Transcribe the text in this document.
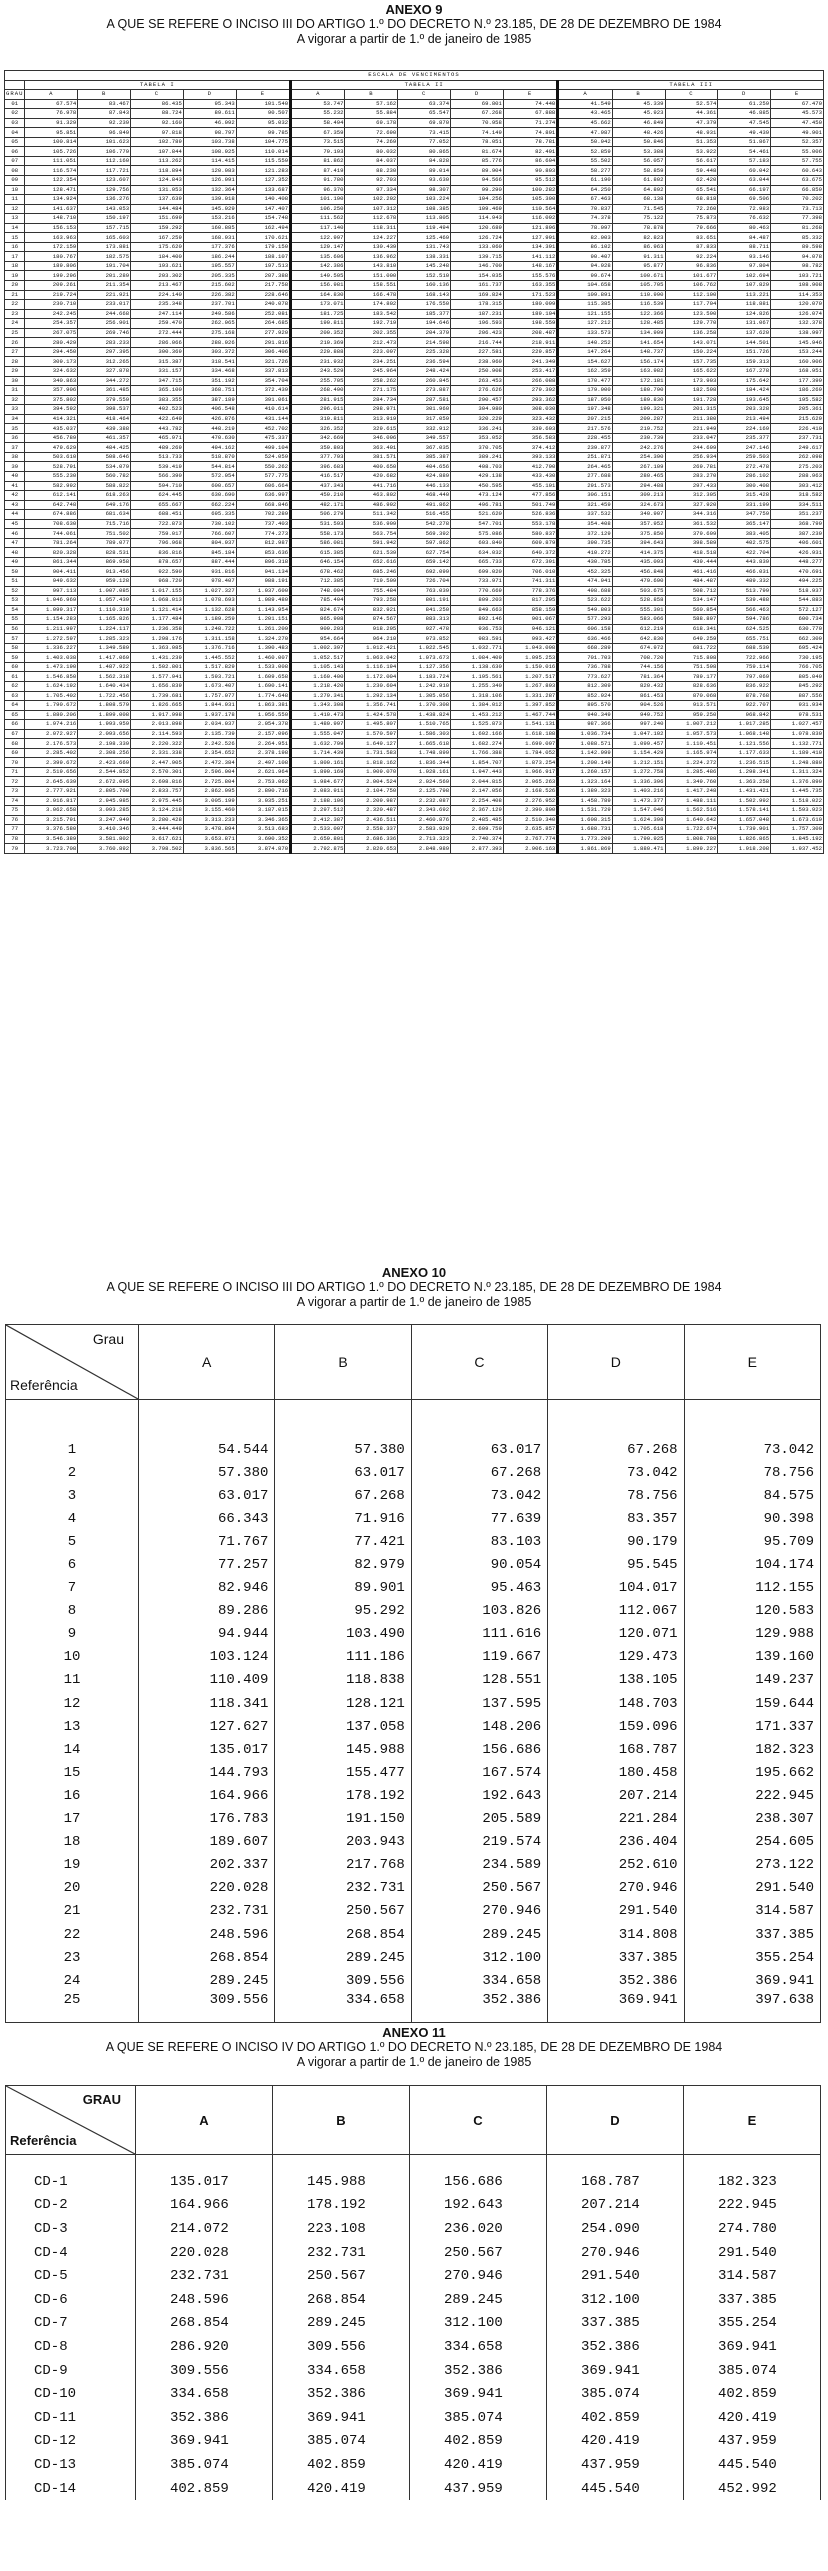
ANEXO 9
A QUE SE REFERE O INCISO III DO ARTIGO 1.º DO DECRETO N.º 23.185, DE 28 DE DEZEMBRO DE 1984
A vigorar a partir de 1.º de janeiro de 1985
ESCALA DE VENCIMENTOS															
	TABELA I					TABELA II					TABELA III				
GRAU	A	B	C	D	E	A	B	C	D	E	A	B	C	D	E
01	67.574	83.467	86.435	95.343	101.540	53.747	57.162	63.374	69.801	74.440	41.549	45.339	52.574	61.259	67.470
02	76.978	87.843	88.724	89.611	90.507	55.232	55.884	65.547	67.268	67.888	43.465	45.923	44.361	46.885	45.573
03	91.329	92.239	92.160	46.092	95.032	58.494	69.178	69.870	70.958	71.274	45.662	46.849	47.379	47.545	47.450
04	95.851	96.849	97.818	98.797	99.785	67.359	72.690	73.415	74.149	74.891	47.987	48.426	48.931	49.439	49.901
05	100.814	101.623	102.789	103.738	104.775	73.515	74.269	77.052	78.051	78.781	50.942	50.846	51.353	51.867	52.357
06	105.726	106.779	107.844	108.925	110.014	79.193	80.032	80.865	81.674	82.491	52.859	53.388	53.922	54.461	55.006
07	111.051	112.160	113.262	114.415	115.559	81.862	84.037	84.828	85.776	86.604	55.502	56.057	56.617	57.183	57.755
08	116.574	117.721	118.894	120.083	121.283	87.419	88.230	89.014	89.904	90.803	58.277	58.859	59.448	60.042	60.643
09	122.354	123.607	124.843	126.091	127.352	91.780	92.703	93.630	94.566	95.512	61.190	61.802	62.420	63.044	63.675
10	128.471	129.756	131.053	132.364	133.687	96.370	97.334	98.307	99.290	100.282	64.250	64.892	65.541	66.197	66.859
11	134.924	136.276	137.639	139.018	140.408	101.190	102.202	103.224	104.256	105.300	67.463	68.138	68.818	69.506	70.202
12	141.637	143.053	144.484	145.929	147.407	106.250	107.312	108.385	109.469	110.564	70.837	71.545	72.260	72.983	73.713
13	148.710	150.197	151.699	153.216	154.748	111.562	112.678	113.805	114.943	116.092	74.378	75.122	75.873	76.632	77.398
14	156.153	157.715	159.292	160.885	162.494	117.140	118.311	119.494	120.689	121.896	78.097	78.878	79.666	80.463	81.268
15	163.963	165.603	167.259	168.931	170.621	122.997	124.227	125.469	126.724	127.991	82.003	82.823	83.651	84.487	85.332
16	172.159	173.881	175.620	177.376	179.150	129.147	130.439	131.743	133.060	134.391	86.102	86.963	87.833	88.711	89.598
17	180.767	182.575	184.400	186.244	188.107	135.606	136.962	138.331	139.715	141.112	90.407	91.311	92.224	93.146	94.078
18	189.806	191.704	193.621	195.557	197.513	142.386	143.810	145.248	146.700	148.167	94.928	95.877	96.836	97.804	98.782
19	199.296	201.289	203.302	205.335	207.388	149.505	151.000	152.510	154.035	155.576	99.674	100.671	101.677	102.694	103.721
20	209.261	211.354	213.467	215.602	217.758	156.981	158.551	160.136	161.737	163.355	104.658	105.705	106.762	107.829	108.908
21	219.724	221.921	224.140	226.382	228.646	164.830	166.478	168.143	169.824	171.523	109.891	110.990	112.100	113.221	114.353
22	230.710	233.017	235.348	237.701	240.078	173.071	174.802	176.550	178.315	180.099	115.385	116.539	117.704	118.881	120.070
23	242.245	244.668	247.114	249.586	252.081	181.725	183.542	185.377	187.231	189.104	121.155	122.366	123.590	124.826	126.074
24	254.357	256.901	259.470	262.065	264.685	190.811	192.719	194.646	196.593	198.559	127.212	128.485	129.770	131.067	132.378
25	267.075	269.746	272.444	275.168	277.920	200.352	202.355	204.379	206.423	208.487	133.573	134.909	136.258	137.620	138.997
26	280.429	283.233	286.066	288.926	291.816	210.369	212.473	214.598	216.744	218.911	140.252	141.654	143.071	144.501	145.946
27	294.450	297.395	300.369	303.372	306.406	220.888	223.097	225.328	227.581	229.857	147.264	148.737	150.224	151.726	153.244
28	309.173	312.265	315.387	318.541	321.726	231.932	234.251	236.594	238.960	241.349	154.627	156.174	157.735	159.313	160.906
29	324.632	327.878	331.157	334.468	337.813	243.529	245.964	248.424	250.908	253.417	162.359	163.982	165.622	167.278	168.951
30	340.863	344.272	347.715	351.192	354.704	255.705	258.262	260.845	263.453	266.088	170.477	172.181	173.903	175.642	177.399
31	357.906	361.485	365.100	368.751	372.439	268.490	271.175	273.887	276.626	279.392	179.000	180.790	182.598	184.424	186.269
32	375.802	379.559	383.355	387.189	391.061	281.915	284.734	287.581	290.457	293.362	187.950	189.830	191.728	193.645	195.582
33	394.592	398.537	402.523	406.548	410.614	296.011	298.971	301.960	304.980	308.030	197.348	199.321	201.315	203.328	205.361
34	414.321	418.464	422.649	426.876	431.144	310.811	313.919	317.059	320.229	323.432	207.215	209.287	211.380	213.494	215.629
35	435.037	439.388	443.782	448.219	452.702	326.352	329.615	332.912	336.241	339.603	217.576	219.752	221.949	224.169	226.410
36	456.789	461.357	465.971	470.630	475.337	342.669	346.096	349.557	353.052	356.583	228.455	230.739	233.047	235.377	237.731
37	479.629	484.425	489.269	494.162	499.104	359.803	363.401	367.035	370.705	374.412	239.877	242.276	244.699	247.146	249.617
38	503.610	508.646	513.733	518.870	524.059	377.793	381.571	385.387	389.241	393.133	251.871	254.390	256.934	259.503	262.098
39	528.791	534.079	539.419	544.814	550.262	396.683	400.650	404.656	408.703	412.790	264.465	267.109	269.781	272.478	275.203
40	555.230	560.782	566.390	572.054	577.775	416.517	420.682	424.889	429.138	433.430	277.688	280.465	283.270	286.102	288.963
41	582.992	588.822	594.710	600.657	606.664	437.343	441.716	446.133	450.595	455.101	291.573	294.488	297.433	300.408	303.412
42	612.141	618.263	624.445	630.690	636.997	459.210	463.802	468.440	473.124	477.856	306.151	309.213	312.305	315.428	318.582
43	642.748	649.176	655.667	662.224	668.846	482.171	486.992	491.862	496.781	501.749	321.459	324.673	327.920	331.199	334.511
44	674.886	681.634	688.451	695.335	702.289	506.279	511.342	516.455	521.620	526.836	337.532	340.907	344.316	347.759	351.237
45	708.630	715.716	722.873	730.102	737.403	531.593	536.909	542.278	547.701	553.178	354.408	357.952	361.532	365.147	368.799
46	744.061	751.502	759.017	766.607	774.273	558.173	563.754	569.392	575.086	580.837	372.129	375.850	379.609	383.405	387.239
47	781.264	789.077	796.968	804.937	812.987	586.081	591.942	597.862	603.840	609.879	390.735	394.643	398.589	402.575	406.601
48	820.328	828.531	836.816	845.184	853.636	615.385	621.539	627.754	634.032	640.372	410.272	414.375	418.518	422.704	426.931
49	861.344	869.958	878.657	887.444	896.318	646.154	652.616	659.142	665.733	672.391	430.785	435.093	439.444	443.839	448.277
50	904.411	913.456	922.590	931.816	941.134	678.462	685.246	692.099	699.020	706.010	452.325	456.848	461.416	466.031	470.691
51	949.632	959.128	968.720	978.407	988.191	712.385	719.509	726.704	733.971	741.311	474.941	479.690	484.487	489.332	494.225
52	997.113	1.007.085	1.017.155	1.027.327	1.037.600	748.004	755.484	763.039	770.669	778.376	498.688	503.675	508.712	513.799	518.937
53	1.046.969	1.057.439	1.068.013	1.078.693	1.089.480	785.404	793.258	801.191	809.203	817.295	523.622	528.858	534.147	539.488	544.883
54	1.099.317	1.110.310	1.121.414	1.132.628	1.143.954	824.674	832.921	841.250	849.663	858.159	549.803	555.301	560.854	566.463	572.127
55	1.154.283	1.165.826	1.177.484	1.189.259	1.201.151	865.908	874.567	883.313	892.146	901.067	577.293	583.066	588.897	594.786	600.734
56	1.211.997	1.224.117	1.236.358	1.248.722	1.261.209	909.203	918.295	927.478	936.753	946.121	606.158	612.219	618.341	624.525	630.770
57	1.272.597	1.285.323	1.298.176	1.311.158	1.324.270	954.664	964.210	973.852	983.591	993.427	636.466	642.830	649.259	655.751	662.309
58	1.336.227	1.349.589	1.363.085	1.376.716	1.390.483	1.002.397	1.012.421	1.022.545	1.032.771	1.043.098	668.289	674.972	681.722	688.539	695.424
59	1.403.038	1.417.069	1.431.239	1.445.552	1.460.007	1.052.517	1.063.042	1.073.673	1.084.409	1.095.253	701.703	708.720	715.808	722.966	730.195
60	1.473.190	1.487.922	1.502.801	1.517.829	1.533.008	1.105.143	1.116.194	1.127.356	1.138.630	1.150.016	736.788	744.156	751.598	759.114	766.705
61	1.546.850	1.562.318	1.577.941	1.593.721	1.609.658	1.160.400	1.172.004	1.183.724	1.195.561	1.207.517	773.627	781.364	789.177	797.069	805.040
62	1.624.192	1.640.434	1.656.839	1.673.407	1.690.141	1.218.420	1.230.604	1.242.910	1.255.340	1.267.893	812.309	820.432	828.636	836.922	845.292
63	1.705.402	1.722.456	1.739.681	1.757.077	1.774.648	1.279.341	1.292.134	1.305.056	1.318.106	1.331.287	852.924	861.453	870.068	878.768	887.556
64	1.790.672	1.808.579	1.826.665	1.844.931	1.863.381	1.343.308	1.356.741	1.370.308	1.384.012	1.397.852	895.570	904.526	913.571	922.707	931.934
65	1.880.206	1.899.008	1.917.998	1.937.178	1.956.550	1.410.473	1.424.578	1.438.824	1.453.212	1.467.744	940.349	949.752	959.250	968.842	978.531
66	1.974.216	1.993.959	2.013.898	2.034.037	2.054.378	1.480.997	1.495.807	1.510.765	1.525.873	1.541.131	987.366	997.240	1.007.212	1.017.285	1.027.457
67	2.072.927	2.093.656	2.114.593	2.135.739	2.157.096	1.555.047	1.570.597	1.586.303	1.602.166	1.618.188	1.036.734	1.047.102	1.057.573	1.068.148	1.078.830
68	2.176.573	2.198.339	2.220.322	2.242.526	2.264.951	1.632.799	1.649.127	1.665.618	1.682.274	1.699.097	1.088.571	1.099.457	1.110.451	1.121.556	1.132.771
69	2.285.402	2.308.256	2.331.338	2.354.652	2.378.198	1.714.439	1.731.583	1.748.899	1.766.388	1.784.052	1.142.999	1.154.429	1.165.974	1.177.633	1.189.410
70	2.399.672	2.423.669	2.447.905	2.472.384	2.497.108	1.800.161	1.818.162	1.836.344	1.854.707	1.873.254	1.200.149	1.212.151	1.224.272	1.236.515	1.248.880
71	2.519.656	2.544.852	2.570.301	2.596.004	2.621.964	1.890.169	1.909.070	1.928.161	1.947.443	1.966.917	1.260.157	1.272.758	1.285.486	1.298.341	1.311.324
72	2.645.639	2.672.095	2.698.816	2.725.804	2.753.062	1.984.677	2.004.524	2.024.569	2.044.815	2.065.263	1.323.164	1.336.396	1.349.760	1.363.258	1.376.890
73	2.777.921	2.805.700	2.833.757	2.862.095	2.890.716	2.083.911	2.104.750	2.125.798	2.147.056	2.168.526	1.389.323	1.403.216	1.417.248	1.431.421	1.445.735
74	2.916.817	2.945.985	2.975.445	3.005.199	3.035.251	2.188.106	2.209.987	2.232.087	2.254.408	2.276.952	1.458.789	1.473.377	1.488.111	1.502.992	1.518.022
75	3.062.658	3.093.285	3.124.218	3.155.460	3.187.015	2.297.512	2.320.487	2.343.692	2.367.129	2.390.800	1.531.729	1.547.046	1.562.516	1.578.141	1.593.923
76	3.215.791	3.247.949	3.280.428	3.313.233	3.346.365	2.412.387	2.436.511	2.460.876	2.485.485	2.510.340	1.608.315	1.624.398	1.640.642	1.657.048	1.673.619
77	3.376.580	3.410.346	3.444.449	3.478.894	3.513.683	2.533.007	2.558.337	2.583.920	2.609.759	2.635.857	1.688.731	1.705.618	1.722.674	1.739.901	1.757.300
78	3.546.389	3.581.802	3.617.621	3.653.871	3.690.352	2.659.801	2.686.336	2.713.323	2.740.374	2.767.774	1.773.209	1.790.925	1.808.788	1.826.865	1.845.192
79	3.723.708	3.760.892	3.798.502	3.836.565	3.874.870	2.792.875	2.820.653	2.848.989	2.877.393	2.906.163	1.861.869	1.880.471	1.899.227	1.918.208	1.937.452
ANEXO 10
A QUE SE REFERE O INCISO III DO ARTIGO 1.º DO DECRETO N.º 23.185, DE 28 DE DEZEMBRO DE 1984
A vigorar a partir de 1.º de janeiro de 1985
Grau
Referência	A	B	C	D	E

1	54.544	57.380	63.017	67.268	73.042
2	57.380	63.017	67.268	73.042	78.756
3	63.017	67.268	73.042	78.756	84.575
4	66.343	71.916	77.639	83.357	90.398
5	71.767	77.421	83.103	90.179	95.709
6	77.257	82.979	90.054	95.545	104.174
7	82.946	89.901	95.463	104.017	112.155
8	89.286	95.292	103.826	112.067	120.583
9	94.944	103.490	111.616	120.071	129.988
10	103.124	111.186	119.667	129.473	139.160
11	110.409	118.838	128.551	138.105	149.237
12	118.341	128.121	137.595	148.703	159.644
13	127.627	137.058	148.206	159.096	171.337
14	135.017	145.988	156.686	168.787	182.323
15	144.793	155.477	167.574	180.458	195.662
16	164.966	178.192	192.643	207.214	222.945
17	176.783	191.150	205.589	221.284	238.307
18	189.607	203.943	219.574	236.404	254.605
19	202.337	217.768	234.589	252.610	273.122
20	220.028	232.731	250.567	270.946	291.540
21	232.731	250.567	270.946	291.540	314.587
22	248.596	268.854	289.245	314.808	337.385
23	268.854	289.245	312.100	337.385	355.254
24	289.245	309.556	334.658	352.386	369.941
25	309.556	334.658	352.386	369.941	397.638
ANEXO 11
A QUE SE REFERE O INCISO IV DO ARTIGO 1.º DO DECRETO N.º 23.185, DE 28 DE DEZEMBRO DE 1984
A vigorar a partir de 1.º de janeiro de 1985
GRAU
Referência	A	B	C	D	E

CD-1	135.017	145.988	156.686	168.787	182.323
CD-2	164.966	178.192	192.643	207.214	222.945
CD-3	214.072	223.108	236.020	254.090	274.780
CD-4	220.028	232.731	250.567	270.946	291.540
CD-5	232.731	250.567	270.946	291.540	314.587
CD-6	248.596	268.854	289.245	312.100	337.385
CD-7	268.854	289.245	312.100	337.385	355.254
CD-8	286.920	309.556	334.658	352.386	369.941
CD-9	309.556	334.658	352.386	369.941	385.074
CD-10	334.658	352.386	369.941	385.074	402.859
CD-11	352.386	369.941	385.074	402.859	420.419
CD-12	369.941	385.074	402.859	420.419	437.959
CD-13	385.074	402.859	420.419	437.959	445.540
CD-14	402.859	420.419	437.959	445.540	452.992
